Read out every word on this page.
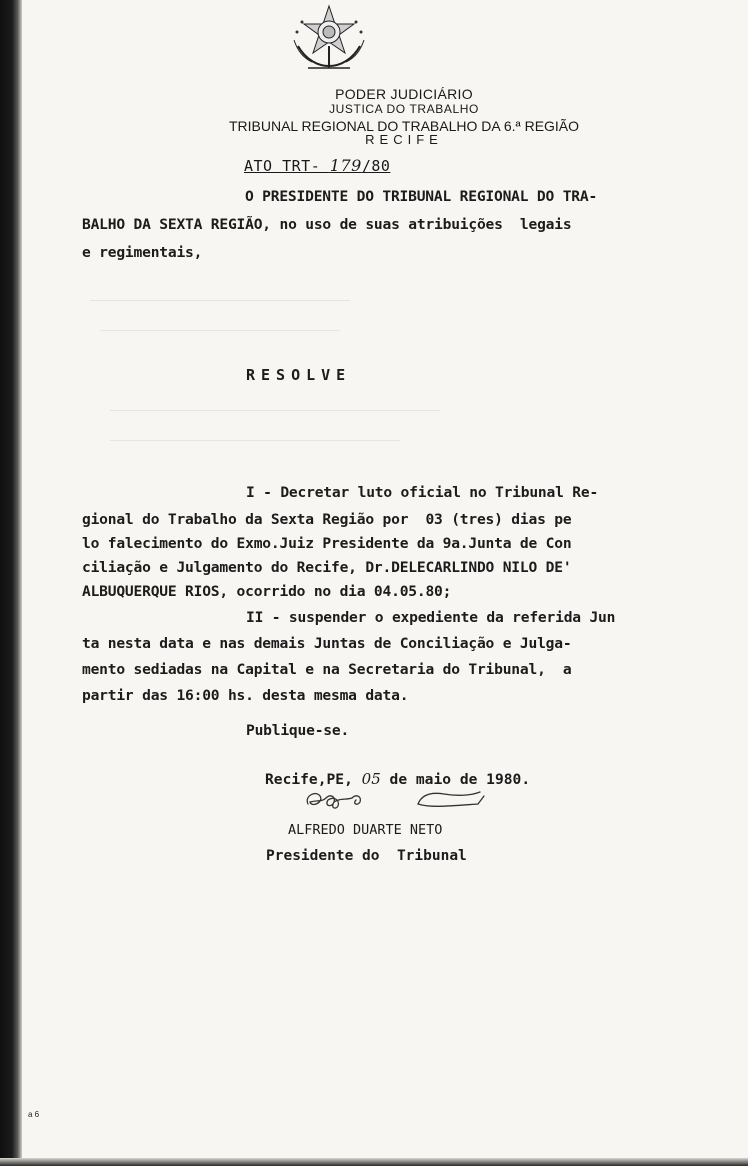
PODER JUDICIÁRIO
JUSTICA DO TRABALHO
TRIBUNAL REGIONAL DO TRABALHO DA 6.ª REGIÃO
RECIFE
ATO TRT- 179/80
O PRESIDENTE DO TRIBUNAL REGIONAL DO TRA-
BALHO DA SEXTA REGIÃO, no uso de suas atribuições  legais
e regimentais,
RESOLVE
I - Decretar luto oficial no Tribunal Re-
gional do Trabalho da Sexta Região por  03 (tres) dias pe
lo falecimento do Exmo.Juiz Presidente da 9a.Junta de Con
ciliação e Julgamento do Recife, Dr.DELECARLINDO NILO DE'
ALBUQUERQUE RIOS, ocorrido no dia 04.05.80;
II - suspender o expediente da referida Jun
ta nesta data e nas demais Juntas de Conciliação e Julga-
mento sediadas na Capital e na Secretaria do Tribunal,  a
partir das 16:00 hs. desta mesma data.
Publique-se.
Recife,PE, 05 de maio de 1980.
ALFREDO DUARTE NETO
Presidente do  Tribunal
a 6
